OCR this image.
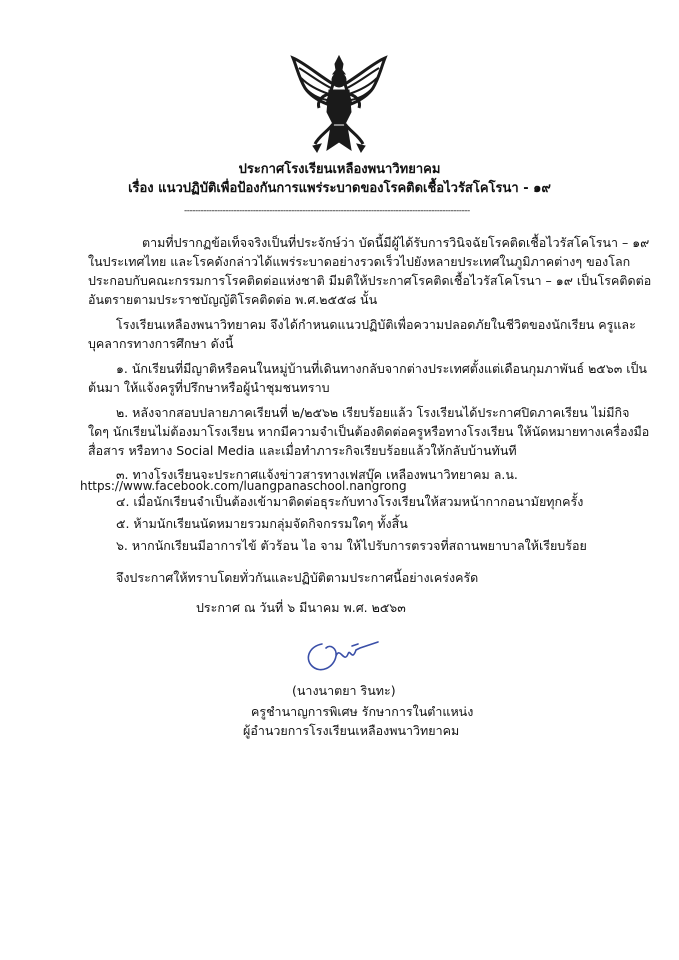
ประกาศโรงเรียนเหลืองพนาวิทยาคม
เรื่อง แนวปฏิบัติเพื่อป้องกันการแพร่ระบาดของโรคติดเชื้อไวรัสโคโรนา - ๑๙
--------------------------------------------------------------------------------------------------------
ตามที่ปรากฏข้อเท็จจริงเป็นที่ประจักษ์ว่า บัดนี้มีผู้ได้รับการวินิจฉัยโรคติดเชื้อไวรัสโคโรนา – ๑๙
ในประเทศไทย และโรคดังกล่าวได้แพร่ระบาดอย่างรวดเร็วไปยังหลายประเทศในภูมิภาคต่างๆ ของโลก
ประกอบกับคณะกรรมการโรคติดต่อแห่งชาติ มีมติให้ประกาศโรคติดเชื้อไวรัสโคโรนา – ๑๙ เป็นโรคติดต่อ
อันตรายตามประราชบัญญัติโรคติดต่อ พ.ศ.๒๕๕๘ นั้น
โรงเรียนเหลืองพนาวิทยาคม จึงได้กำหนดแนวปฏิบัติเพื่อความปลอดภัยในชีวิตของนักเรียน ครูและ
บุคลากรทางการศึกษา ดังนี้
๑. นักเรียนที่มีญาติหรือคนในหมู่บ้านที่เดินทางกลับจากต่างประเทศตั้งแต่เดือนกุมภาพันธ์ ๒๕๖๓ เป็น
ต้นมา ให้แจ้งครูที่ปรึกษาหรือผู้นำชุมชนทราบ
๒. หลังจากสอบปลายภาคเรียนที่ ๒/๒๕๖๒ เรียบร้อยแล้ว โรงเรียนได้ประกาศปิดภาคเรียน ไม่มีกิจ
ใดๆ นักเรียนไม่ต้องมาโรงเรียน หากมีความจำเป็นต้องติดต่อครูหรือทางโรงเรียน ให้นัดหมายทางเครื่องมือ
สื่อสาร หรือทาง Social Media และเมื่อทำภาระกิจเรียบร้อยแล้วให้กลับบ้านทันที
๓. ทางโรงเรียนจะประกาศแจ้งข่าวสารทางเฟสบุ๊ค เหลืองพนาวิทยาคม ล.น.
https://www.facebook.com/luangpanaschool.nangrong
๔. เมื่อนักเรียนจำเป็นต้องเข้ามาติดต่อธุระกับทางโรงเรียนให้สวมหน้ากากอนามัยทุกครั้ง
๕. ห้ามนักเรียนนัดหมายรวมกลุ่มจัดกิจกรรมใดๆ ทั้งสิ้น
๖. หากนักเรียนมีอาการไข้ ตัวร้อน ไอ จาม ให้ไปรับการตรวจที่สถานพยาบาลให้เรียบร้อย
จึงประกาศให้ทราบโดยทั่วกันและปฏิบัติตามประกาศนี้อย่างเคร่งครัด
ประกาศ ณ วันที่ ๖ มีนาคม พ.ศ. ๒๕๖๓
(นางนาตยา รินทะ)
ครูชำนาญการพิเศษ รักษาการในตำแหน่ง
ผู้อำนวยการโรงเรียนเหลืองพนาวิทยาคม
